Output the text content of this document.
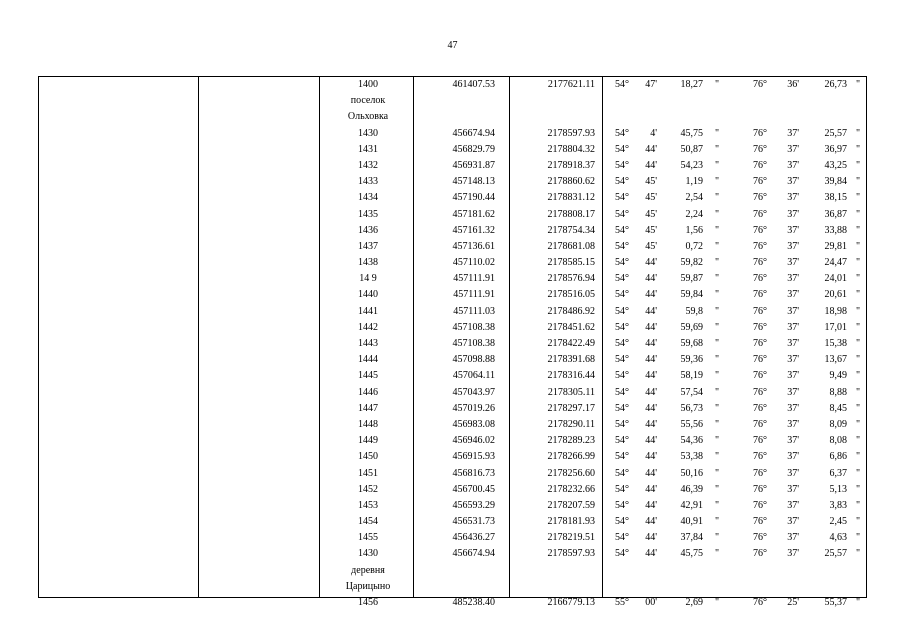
47
1400	461407.53	2177621.11	54°	47'	18,27 "	76°	36'	26,73 "
поселок
Ольховка
1430	456674.94	2178597.93	54°	4'	45,75 "	76°	37'	25,57 "
1431	456829.79	2178804.32	54°	44'	50,87 "	76°	37'	36,97 "
1432	456931.87	2178918.37	54°	44'	54,23 "	76°	37'	43,25 "
1433	457148.13	2178860.62	54°	45'	1,19 "	76°	37'	39,84 "
1434	457190.44	2178831.12	54°	45'	2,54 "	76°	37'	38,15 "
1435	457181.62	2178808.17	54°	45'	2,24 "	76°	37'	36,87 "
1436	457161.32	2178754.34	54°	45'	1,56 "	76°	37'	33,88 "
1437	457136.61	2178681.08	54°	45'	0,72 "	76°	37'	29,81 "
1438	457110.02	2178585.15	54°	44'	59,82 "	76°	37'	24,47 "
14 9	457111.91	2178576.94	54°	44'	59,87 "	76°	37'	24,01 "
1440	457111.91	2178516.05	54°	44'	59,84 "	76°	37'	20,61 "
1441	457111.03	2178486.92	54°	44'	59,8 "	76°	37'	18,98 "
1442	457108.38	2178451.62	54°	44'	59,69 "	76°	37'	17,01 "
1443	457108.38	2178422.49	54°	44'	59,68 "	76°	37'	15,38 "
1444	457098.88	2178391.68	54°	44'	59,36 "	76°	37'	13,67 "
1445	457064.11	2178316.44	54°	44'	58,19 "	76°	37'	9,49 "
1446	457043.97	2178305.11	54°	44'	57,54 "	76°	37'	8,88 "
1447	457019.26	2178297.17	54°	44'	56,73 "	76°	37'	8,45 "
1448	456983.08	2178290.11	54°	44'	55,56 "	76°	37'	8,09 "
1449	456946.02	2178289.23	54°	44'	54,36 "	76°	37'	8,08 "
1450	456915.93	2178266.99	54°	44'	53,38 "	76°	37'	6,86 "
1451	456816.73	2178256.60	54°	44'	50,16 "	76°	37'	6,37 "
1452	456700.45	2178232.66	54°	44'	46,39 "	76°	37'	5,13 "
1453	456593.29	2178207.59	54°	44'	42,91 "	76°	37'	3,83 "
1454	456531.73	2178181.93	54°	44'	40,91 "	76°	37'	2,45 "
1455	456436.27	2178219.51	54°	44'	37,84 "	76°	37'	4,63 "
1430	456674.94	2178597.93	54°	44'	45,75 "	76°	37'	25,57 "
деревня
Царицыно
1456	485238.40	2166779.13	55°	00'	2,69 "	76°	25'	55,37 "
